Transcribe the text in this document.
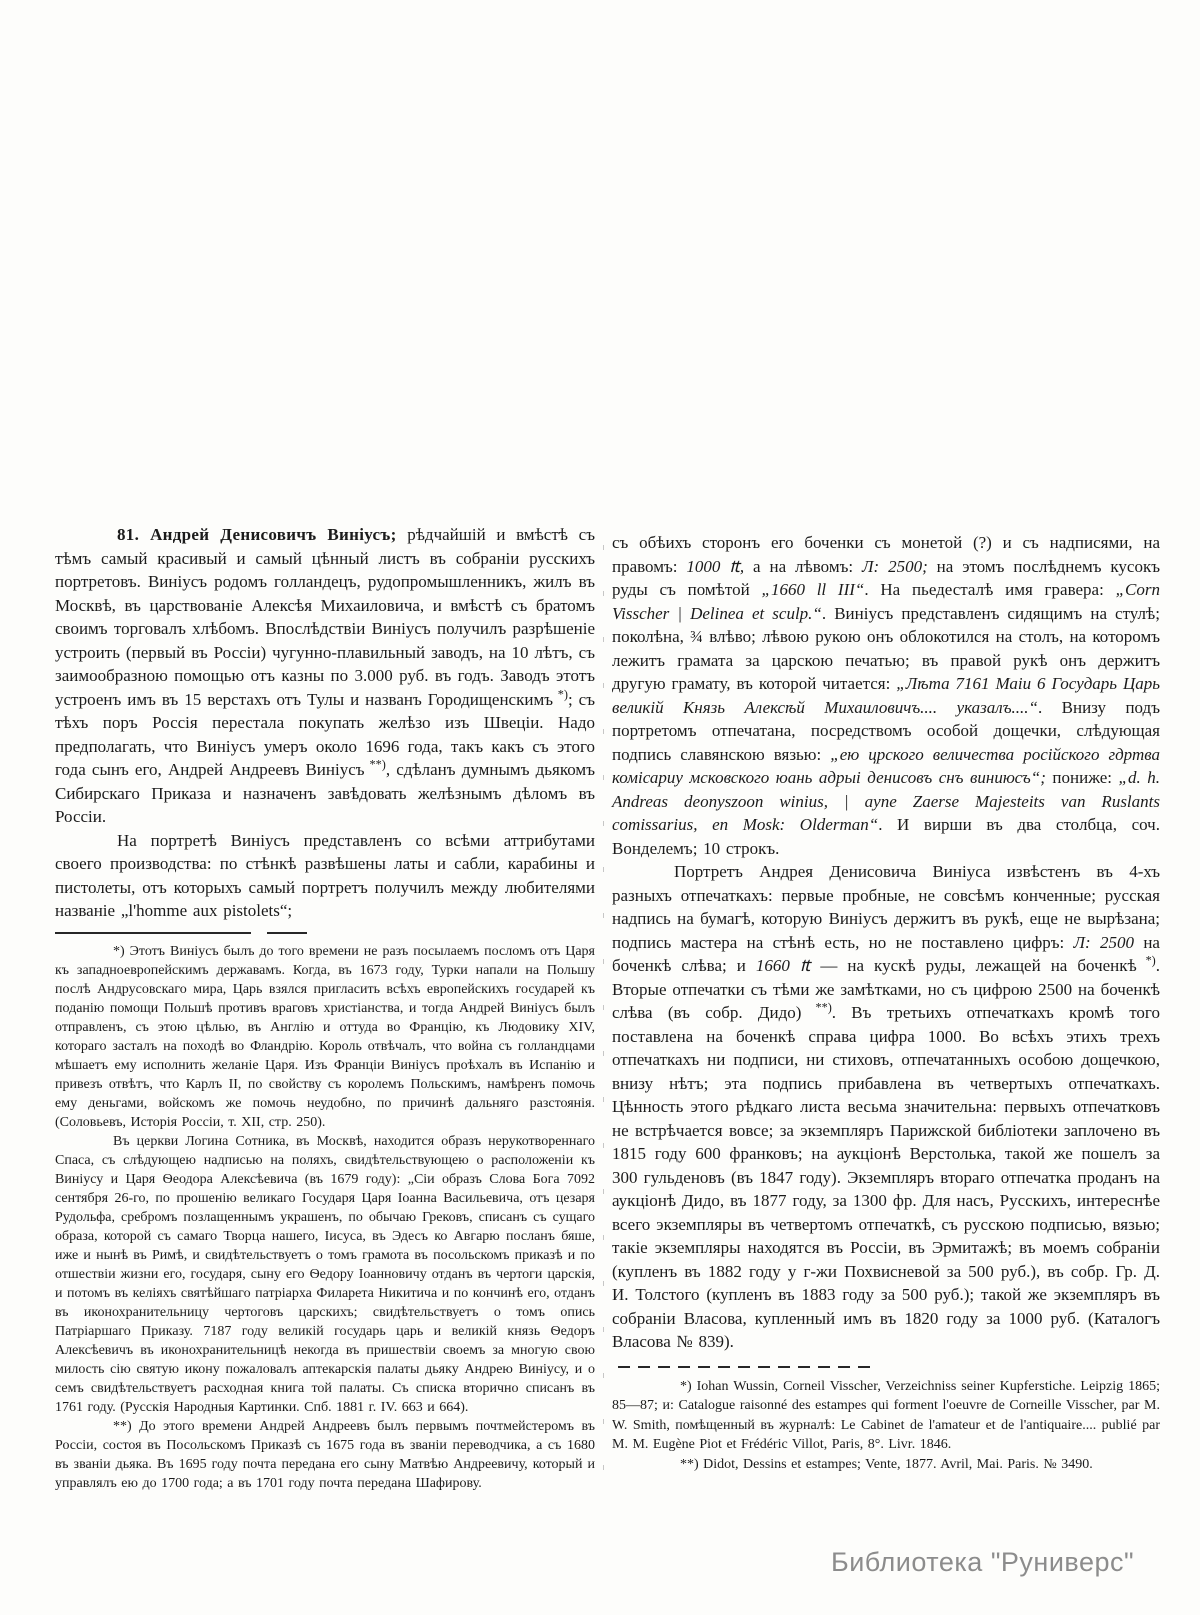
81. Андрей Денисовичъ Виніусъ; рѣдчайшій и вмѣстѣ съ тѣмъ самый красивый и самый цѣнный листъ въ собраніи русскихъ портретовъ. Виніусъ родомъ голландецъ, рудопромышленникъ, жилъ въ Москвѣ, въ царствованіе Алексѣя Михаиловича, и вмѣстѣ съ братомъ своимъ торговалъ хлѣбомъ. Впослѣдствіи Виніусъ получилъ разрѣшеніе устроить (первый въ Россіи) чугунно-плавильный заводъ, на 10 лѣтъ, съ заимообразною помощью отъ казны по 3.000 руб. въ годъ. Заводъ этотъ устроенъ имъ въ 15 верстахъ отъ Тулы и названъ Городищенскимъ *); съ тѣхъ поръ Россія перестала покупать желѣзо изъ Швеціи. Надо предполагать, что Виніусъ умеръ около 1696 года, такъ какъ съ этого года сынъ его, Андрей Андреевъ Виніусъ **), сдѣланъ думнымъ дьякомъ Сибирскаго Приказа и назначенъ завѣдовать желѣзнымъ дѣломъ въ Россіи.

На портретѣ Виніусъ представленъ со всѣми аттрибутами своего производства: по стѣнкѣ развѣшены латы и сабли, карабины и пистолеты, отъ которыхъ самый портретъ получилъ между любителями названіе „l'homme aux pistolets“;

*) Этотъ Виніусъ былъ до того времени не разъ посылаемъ посломъ отъ Царя къ западноевропейскимъ державамъ. Когда, въ 1673 году, Турки напали на Польшу послѣ Андрусовскаго мира, Царь взялся пригласить всѣхъ европейскихъ государей къ поданію помощи Польшѣ противъ враговъ христіанства, и тогда Андрей Виніусъ былъ отправленъ, съ этою цѣлью, въ Англію и оттуда во Францію, къ Людовику XIV, котораго засталъ на походѣ во Фландрію. Король отвѣчалъ, что война съ голландцами мѣшаетъ ему исполнить желаніе Царя. Изъ Франціи Виніусъ проѣхалъ въ Испанію и привезъ отвѣтъ, что Карлъ II, по свойству съ королемъ Польскимъ, намѣренъ помочь ему деньгами, войскомъ же помочь неудобно, по причинѣ дальняго разстоянія. (Соловьевъ, Исторія Россіи, т. XII, стр. 250).

Въ церкви Логина Сотника, въ Москвѣ, находится образъ нерукотвореннаго Спаса, съ слѣдующею надписью на поляхъ, свидѣтельствующею о расположеніи къ Виніусу и Царя Ѳеодора Алексѣевича (въ 1679 году): „Сіи образъ Слова Бога 7092 сентября 26-го, по прошенію великаго Государя Царя Іоанна Васильевича, отъ цезаря Рудольфа, сребромъ позлащеннымъ украшенъ, по обычаю Грековъ, списанъ съ сущаго образа, которой съ самаго Творца нашего, Іисуса, въ Эдесъ ко Авгарю посланъ бяше, иже и нынѣ въ Римѣ, и свидѣтельствуетъ о томъ грамота въ посольскомъ приказѣ и по отшествіи жизни его, государя, сыну его Ѳедору Іоанновичу отданъ въ чертоги царскія, и потомъ въ келіяхъ святѣйшаго патріарха Филарета Никитича и по кончинѣ его, отданъ въ иконохранительницу чертоговъ царскихъ; свидѣтельствуетъ о томъ опись Патріаршаго Приказу. 7187 году великій государь царь и великій князь Ѳедоръ Алексѣевичъ въ иконохранительницѣ некогда въ пришествіи своемъ за многую свою милость сію святую икону пожаловалъ аптекарскія палаты дьяку Андрею Виніусу, и о семъ свидѣтельствуетъ расходная книга той палаты. Съ списка вторично списанъ въ 1761 году. (Русскія Народныя Картинки. Спб. 1881 г. IV. 663 и 664).

**) До этого времени Андрей Андреевъ былъ первымъ почтмейстеромъ въ Россіи, состоя въ Посольскомъ Приказѣ съ 1675 года въ званіи переводчика, а съ 1680 въ званіи дьяка. Въ 1695 году почта передана его сыну Матвѣю Андреевичу, который и управлялъ ею до 1700 года; а въ 1701 году почта передана Шафирову.

съ обѣихъ сторонъ его боченки съ монетой (?) и съ надписями, на правомъ: 1000 ₶, а на лѣвомъ: Л: 2500; на этомъ послѣднемъ кусокъ руды съ помѣтой „1660 ll III“. На пьедесталѣ имя гравера: „Corn Visscher | Delinea et sculp.“. Виніусъ представленъ сидящимъ на стулѣ; поколѣна, ¾ влѣво; лѣвою рукою онъ облокотился на столъ, на которомъ лежитъ грамата за царскою печатью; въ правой рукѣ онъ держитъ другую грамату, въ которой читается: „Лѣта 7161 Маіи 6 Государь Царь великій Князь Алексѣй Михаиловичъ.... указалъ....“. Внизу подъ портретомъ отпечатана, посредствомъ особой дощечки, слѣдующая подпись славянскою вязью: „ею црского величества російского гдртва комісариу мсковского юань адрыі денисовъ снъ виниюсъ“; пониже: „d. h. Andreas deonyszoon winius, | ayne Zaerse Majesteits van Ruslants comissarius, en Mosk: Olderman“. И вирши въ два столбца, соч. Вонделемъ; 10 строкъ.

Портретъ Андрея Денисовича Виніуса извѣстенъ въ 4-хъ разныхъ отпечаткахъ: первые пробные, не совсѣмъ конченные; русская надпись на бумагѣ, которую Виніусъ держитъ въ рукѣ, еще не вырѣзана; подпись мастера на стѣнѣ есть, но не поставлено цифръ: Л: 2500 на боченкѣ слѣва; и 1660 ₶ — на кускѣ руды, лежащей на боченкѣ *). Вторые отпечатки съ тѣми же замѣтками, но съ цифрою 2500 на боченкѣ слѣва (въ собр. Дидо) **). Въ третьихъ отпечаткахъ кромѣ того поставлена на боченкѣ справа цифра 1000. Во всѣхъ этихъ трехъ отпечаткахъ ни подписи, ни стиховъ, отпечатанныхъ особою дощечкою, внизу нѣтъ; эта подпись прибавлена въ четвертыхъ отпечаткахъ. Цѣнность этого рѣдкаго листа весьма значительна: первыхъ отпечатковъ не встрѣчается вовсе; за экземпляръ Парижской библіотеки заплочено въ 1815 году 600 франковъ; на аукціонѣ Верстолька, такой же пошелъ за 300 гульденовъ (въ 1847 году). Экземпляръ втораго отпечатка проданъ на аукціонѣ Дидо, въ 1877 году, за 1300 фр. Для насъ, Русскихъ, интереснѣе всего экземпляры въ четвертомъ отпечаткѣ, съ русскою подписью, вязью; такіе экземпляры находятся въ Россіи, въ Эрмитажѣ; въ моемъ собраніи (купленъ въ 1882 году у г-жи Похвисневой за 500 руб.), въ собр. Гр. Д. И. Толстого (купленъ въ 1883 году за 500 руб.); такой же экземпляръ въ собраніи Власова, купленный имъ въ 1820 году за 1000 руб. (Каталогъ Власова № 839).

*) Iohan Wussin, Corneil Visscher, Verzeichniss seiner Kupferstiche. Leipzig 1865; 85—87; и: Catalogue raisonné des estampes qui forment l'oeuvre de Corneille Visscher, par M. W. Smith, помѣщенный въ журналѣ: Le Cabinet de l'amateur et de l'antiquaire.... publié par M. M. Eugène Piot et Frédéric Villot, Paris, 8°. Livr. 1846.

**) Didot, Dessins et estampes; Vente, 1877. Avril, Mai. Paris. № 3490.

Библиотека "Руниверс"
